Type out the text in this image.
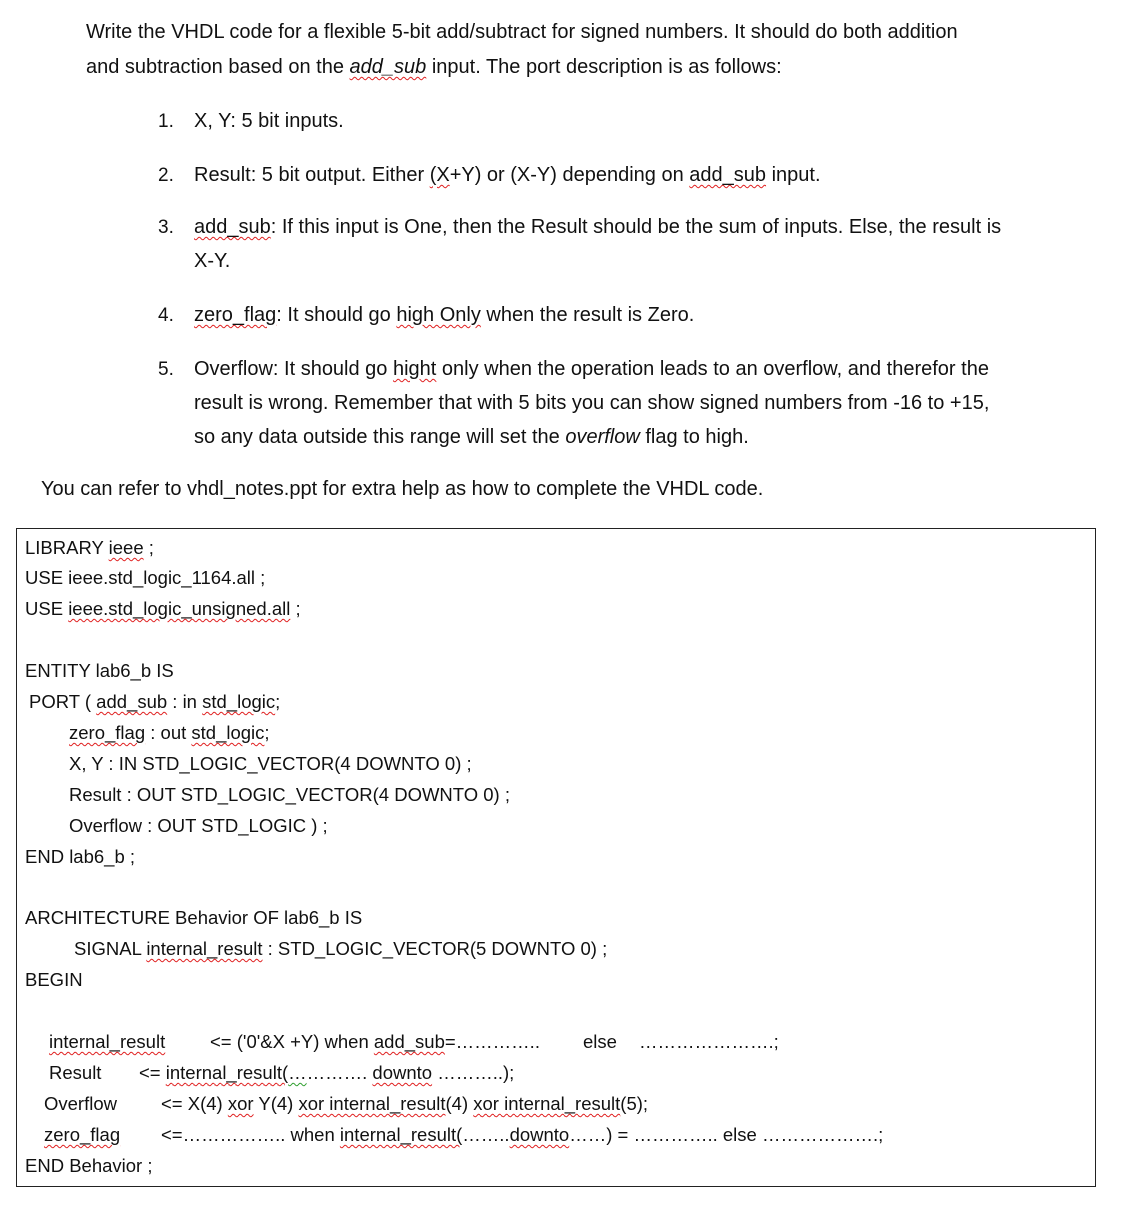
Write the VHDL code for a flexible 5-bit add/subtract for signed numbers. It should do both addition
and subtraction based on the add_sub input. The port description is as follows:
1. X, Y: 5 bit inputs.
2. Result: 5 bit output. Either (X+Y) or (X-Y) depending on add_sub input.
3. add_sub: If this input is One, then the Result should be the sum of inputs. Else, the result is
X-Y.
4. zero_flag: It should go high Only when the result is Zero.
5. Overflow: It should go hight only when the operation leads to an overflow, and therefor the
result is wrong. Remember that with 5 bits you can show signed numbers from -16 to +15,
so any data outside this range will set the overflow flag to high.
You can refer to vhdl_notes.ppt for extra help as how to complete the VHDL code.
LIBRARY ieee ;
USE ieee.std_logic_1164.all ;
USE ieee.std_logic_unsigned.all ;
ENTITY lab6_b IS
PORT ( add_sub : in std_logic;
zero_flag : out std_logic;
X, Y : IN STD_LOGIC_VECTOR(4 DOWNTO 0) ;
Result : OUT STD_LOGIC_VECTOR(4 DOWNTO 0) ;
Overflow : OUT STD_LOGIC ) ;
END lab6_b ;
ARCHITECTURE Behavior OF lab6_b IS
SIGNAL internal_result : STD_LOGIC_VECTOR(5 DOWNTO 0) ;
BEGIN
internal_result <= ('0'&X +Y) when add_sub=………….. else ………………….;
Result <= internal_result(…………. downto ………..);
Overflow <= X(4) xor Y(4) xor internal_result(4) xor internal_result(5);
zero_flag <=…………….. when internal_result(……..downto……) = ………….. else ……………….;
END Behavior ;
